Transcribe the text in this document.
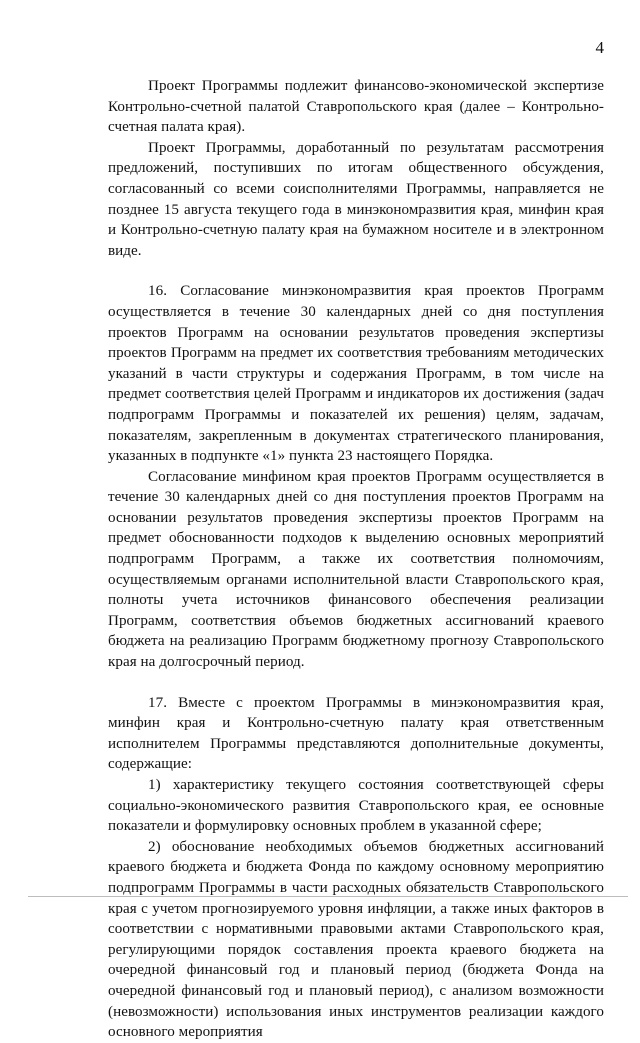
4

Проект Программы подлежит финансово-экономической экспертизе Контрольно-счетной палатой Ставропольского края (далее – Контрольно-счетная палата края).

Проект Программы, доработанный по результатам рассмотрения предложений, поступивших по итогам общественного обсуждения, согласованный со всеми соисполнителями Программы, направляется не позднее 15 августа текущего года в минэкономразвития края, минфин края и Контрольно-счетную палату края на бумажном носителе и в электронном виде.

16. Согласование минэкономразвития края проектов Программ осуществляется в течение 30 календарных дней со дня поступления проектов Программ на основании результатов проведения экспертизы проектов Программ на предмет их соответствия требованиям методических указаний в части структуры и содержания Программ, в том числе на предмет соответствия целей Программ и индикаторов их достижения (задач подпрограмм Программы и показателей их решения) целям, задачам, показателям, закрепленным в документах стратегического планирования, указанных в подпункте «1» пункта 23 настоящего Порядка.

Согласование минфином края проектов Программ осуществляется в течение 30 календарных дней со дня поступления проектов Программ на основании результатов проведения экспертизы проектов Программ на предмет обоснованности подходов к выделению основных мероприятий подпрограмм Программ, а также их соответствия полномочиям, осуществляемым органами исполнительной власти Ставропольского края, полноты учета источников финансового обеспечения реализации Программ, соответствия объемов бюджетных ассигнований краевого бюджета на реализацию Программ бюджетному прогнозу Ставропольского края на долгосрочный период.

17. Вместе с проектом Программы в минэкономразвития края, минфин края и Контрольно-счетную палату края ответственным исполнителем Программы представляются дополнительные документы, содержащие:

1) характеристику текущего состояния соответствующей сферы социально-экономического развития Ставропольского края, ее основные показатели и формулировку основных проблем в указанной сфере;

2) обоснование необходимых объемов бюджетных ассигнований краевого бюджета и бюджета Фонда по каждому основному мероприятию подпрограмм Программы в части расходных обязательств Ставропольского края с учетом прогнозируемого уровня инфляции, а также иных факторов в соответствии с нормативными правовыми актами Ставропольского края, регулирующими порядок составления проекта краевого бюджета на очередной финансовый год и плановый период (бюджета Фонда на очередной финансовый год и плановый период), с анализом возможности (невозможности) использования иных инструментов реализации каждого основного мероприятия
